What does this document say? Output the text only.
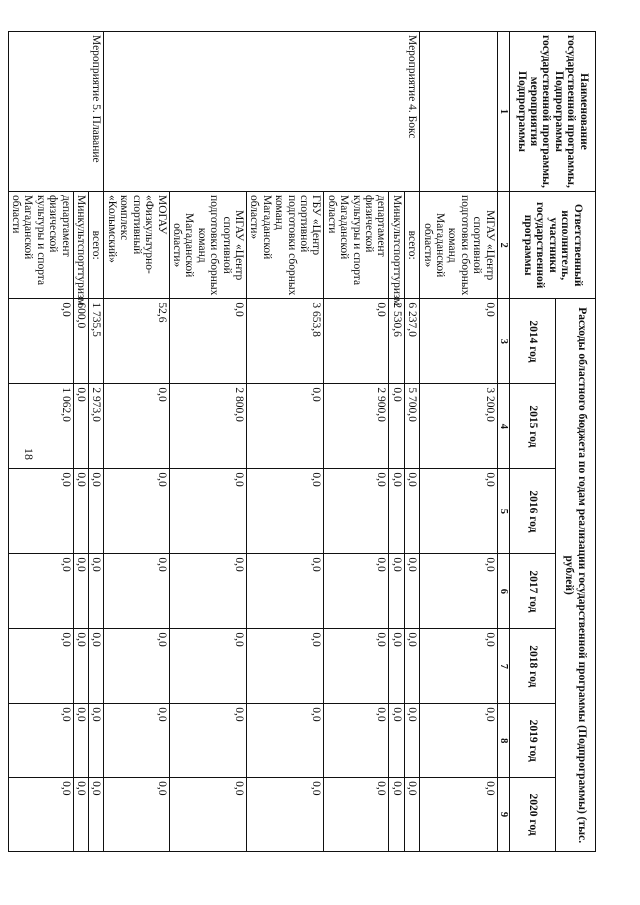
18
Наименование государственной программы, Подпрограммы государственной программы, мероприятия Подпрограммы	Ответственный исполнитель, участники государственной программы	Расходы областного бюджета по годам реализации государственной программы (Подпрограммы) (тыс. рублей)						
		2014 год	2015 год	2016 год	2017 год	2018 год	2019 год	2020 год
1	2	3	4	5	6	7	8	9
	МГАУ «Центр спортивной подготовки сборных команд Магаданской области»	0,0	3 200,0	0,0	0,0	0,0	0,0	0,0
Мероприятие 4. Бокс	всего:	6 237,0	5 700,0	0,0	0,0	0,0	0,0	0,0
	Минкультспорттуризм	2 530,6	0,0	0,0	0,0	0,0	0,0	0,0
	департамент физической культуры и спорта Магаданской области	0,0	2 900,0	0,0	0,0	0,0	0,0	0,0
	ГБУ «Центр спортивной подготовки сборных команд Магаданской области»	3 653,8	0,0	0,0	0,0	0,0	0,0	0,0
	МГАУ «Центр спортивной подготовки сборных команд Магаданской области»	0,0	2 800,0	0,0	0,0	0,0	0,0	0,0
	МОГАУ «Физкультурно-спортивный комплекс «Колымский»	52,6	0,0	0,0	0,0	0,0	0,0	0,0
Мероприятие 5. Плавание	всего:	1 735,5	2 973,0	0,0	0,0	0,0	0,0	0,0
	Минкультспорттуризм	600,0	0,0	0,0	0,0	0,0	0,0	0,0
	департамент физической культуры и спорта Магаданской области	0,0	1 062,0	0,0	0,0	0,0	0,0	0,0
